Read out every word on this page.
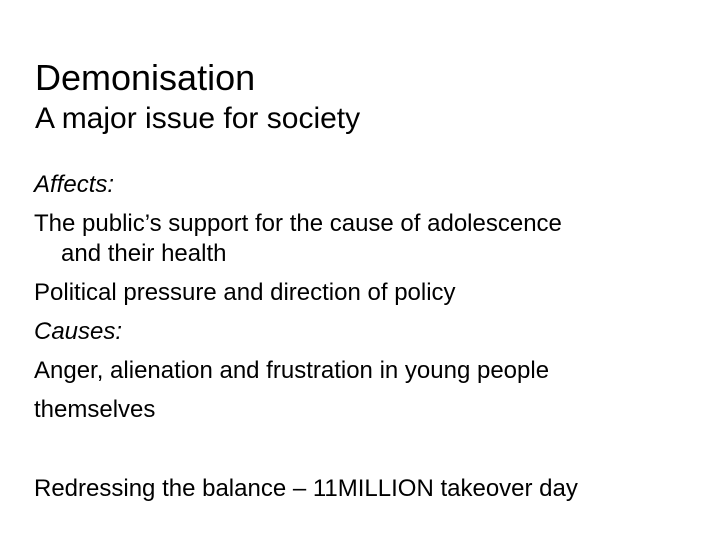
Demonisation
A major issue for society
Affects:
The public’s support for the cause of adolescence
and their health
Political pressure and direction of policy
Causes:
Anger, alienation and frustration in young people
themselves
Redressing the balance – 11MILLION takeover day
